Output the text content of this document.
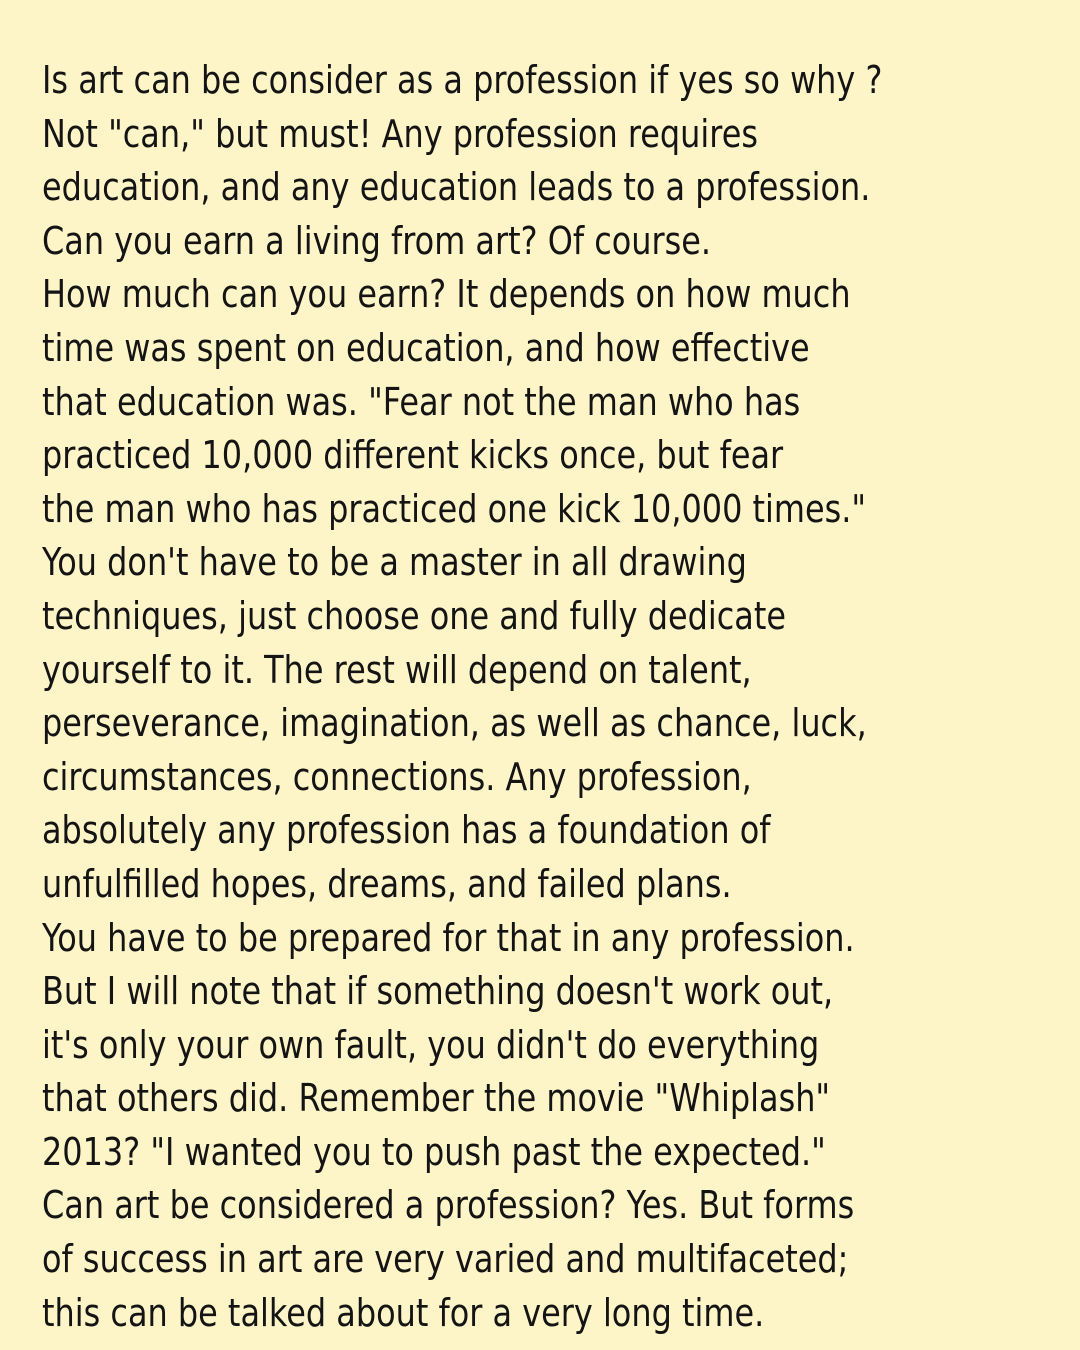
Is art can be consider as a profession if yes so why ?
Not "can," but must! Any profession requires
education, and any education leads to a profession.
Can you earn a living from art? Of course.
How much can you earn? It depends on how much
time was spent on education, and how effective
that education was. "Fear not the man who has
practiced 10,000 different kicks once, but fear
the man who has practiced one kick 10,000 times."
You don't have to be a master in all drawing
techniques, just choose one and fully dedicate
yourself to it. The rest will depend on talent,
perseverance, imagination, as well as chance, luck,
circumstances, connections. Any profession,
absolutely any profession has a foundation of
unfulfilled hopes, dreams, and failed plans.
You have to be prepared for that in any profession.
But I will note that if something doesn't work out,
it's only your own fault, you didn't do everything
that others did. Remember the movie "Whiplash"
2013? "I wanted you to push past the expected."
Can art be considered a profession? Yes. But forms
of success in art are very varied and multifaceted;
this can be talked about for a very long time.
